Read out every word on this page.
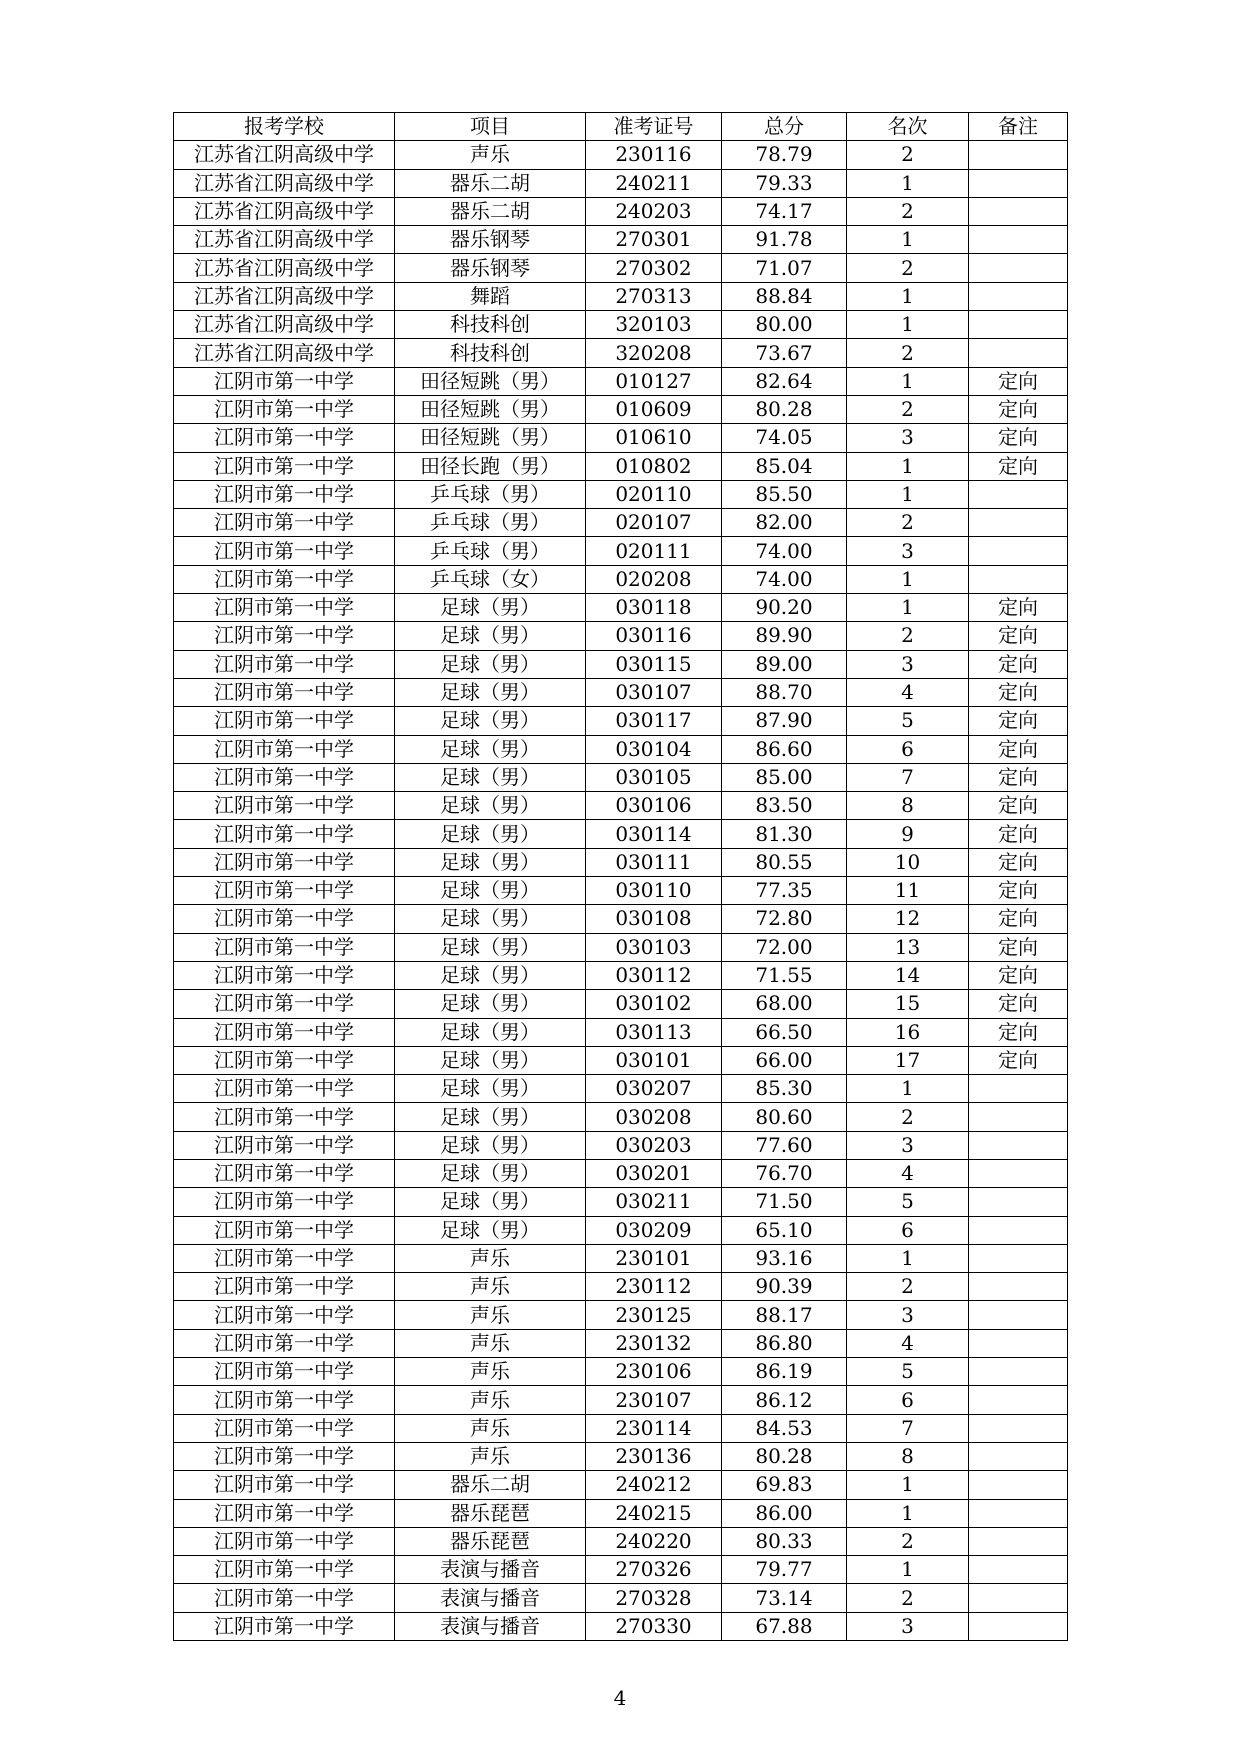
报考学校	项目	准考证号	总分	名次	备注
江苏省江阴高级中学	声乐	230116	78.79	2	
江苏省江阴高级中学	器乐二胡	240211	79.33	1	
江苏省江阴高级中学	器乐二胡	240203	74.17	2	
江苏省江阴高级中学	器乐钢琴	270301	91.78	1	
江苏省江阴高级中学	器乐钢琴	270302	71.07	2	
江苏省江阴高级中学	舞蹈	270313	88.84	1	
江苏省江阴高级中学	科技科创	320103	80.00	1	
江苏省江阴高级中学	科技科创	320208	73.67	2	
江阴市第一中学	田径短跳（男）	010127	82.64	1	定向
江阴市第一中学	田径短跳（男）	010609	80.28	2	定向
江阴市第一中学	田径短跳（男）	010610	74.05	3	定向
江阴市第一中学	田径长跑（男）	010802	85.04	1	定向
江阴市第一中学	乒乓球（男）	020110	85.50	1	
江阴市第一中学	乒乓球（男）	020107	82.00	2	
江阴市第一中学	乒乓球（男）	020111	74.00	3	
江阴市第一中学	乒乓球（女）	020208	74.00	1	
江阴市第一中学	足球（男）	030118	90.20	1	定向
江阴市第一中学	足球（男）	030116	89.90	2	定向
江阴市第一中学	足球（男）	030115	89.00	3	定向
江阴市第一中学	足球（男）	030107	88.70	4	定向
江阴市第一中学	足球（男）	030117	87.90	5	定向
江阴市第一中学	足球（男）	030104	86.60	6	定向
江阴市第一中学	足球（男）	030105	85.00	7	定向
江阴市第一中学	足球（男）	030106	83.50	8	定向
江阴市第一中学	足球（男）	030114	81.30	9	定向
江阴市第一中学	足球（男）	030111	80.55	10	定向
江阴市第一中学	足球（男）	030110	77.35	11	定向
江阴市第一中学	足球（男）	030108	72.80	12	定向
江阴市第一中学	足球（男）	030103	72.00	13	定向
江阴市第一中学	足球（男）	030112	71.55	14	定向
江阴市第一中学	足球（男）	030102	68.00	15	定向
江阴市第一中学	足球（男）	030113	66.50	16	定向
江阴市第一中学	足球（男）	030101	66.00	17	定向
江阴市第一中学	足球（男）	030207	85.30	1	
江阴市第一中学	足球（男）	030208	80.60	2	
江阴市第一中学	足球（男）	030203	77.60	3	
江阴市第一中学	足球（男）	030201	76.70	4	
江阴市第一中学	足球（男）	030211	71.50	5	
江阴市第一中学	足球（男）	030209	65.10	6	
江阴市第一中学	声乐	230101	93.16	1	
江阴市第一中学	声乐	230112	90.39	2	
江阴市第一中学	声乐	230125	88.17	3	
江阴市第一中学	声乐	230132	86.80	4	
江阴市第一中学	声乐	230106	86.19	5	
江阴市第一中学	声乐	230107	86.12	6	
江阴市第一中学	声乐	230114	84.53	7	
江阴市第一中学	声乐	230136	80.28	8	
江阴市第一中学	器乐二胡	240212	69.83	1	
江阴市第一中学	器乐琵琶	240215	86.00	1	
江阴市第一中学	器乐琵琶	240220	80.33	2	
江阴市第一中学	表演与播音	270326	79.77	1	
江阴市第一中学	表演与播音	270328	73.14	2	
江阴市第一中学	表演与播音	270330	67.88	3	
4
